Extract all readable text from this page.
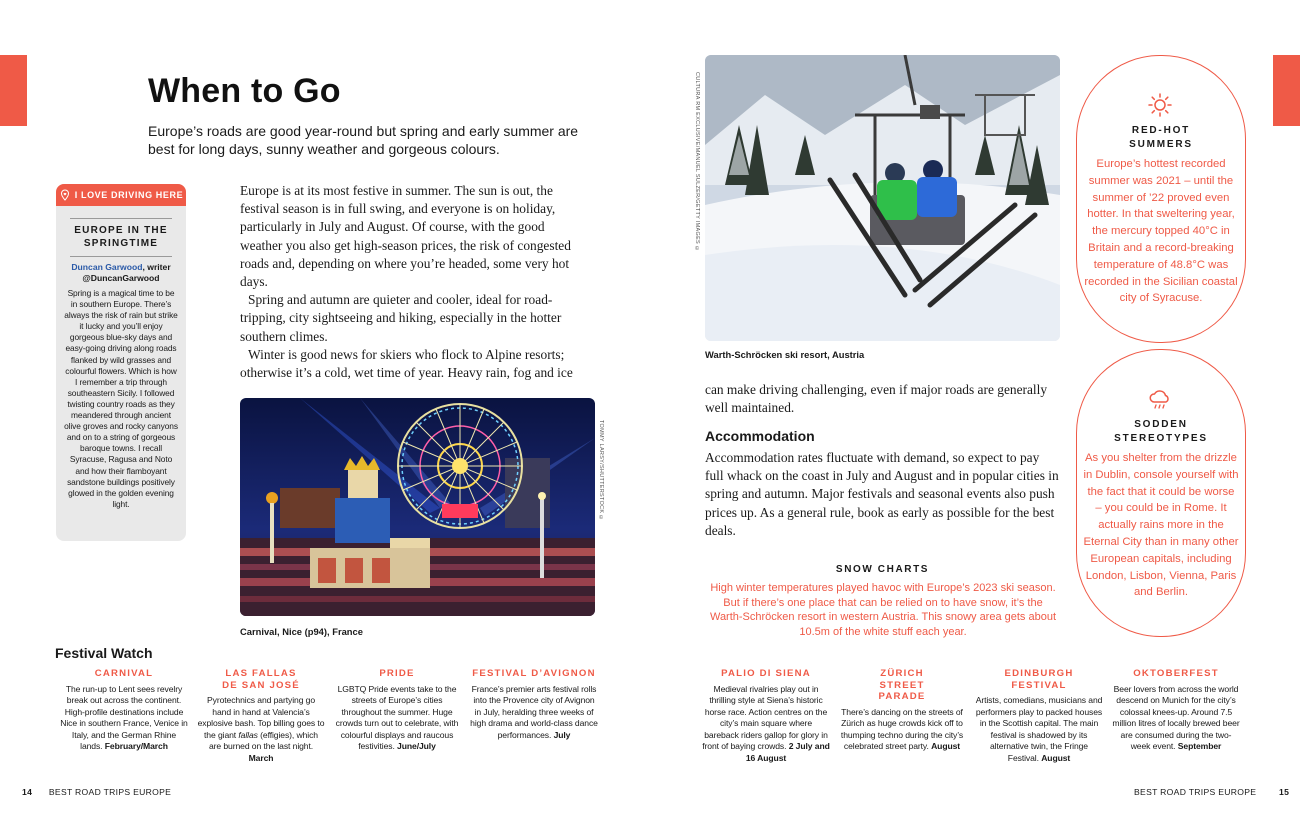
When to Go
Europe’s roads are good year-round but spring and early summer are best for long days, sunny weather and gorgeous colours.
I LOVE DRIVING HERE
EUROPE IN THE SPRINGTIME
Duncan Garwood, writer
@DuncanGarwood
Spring is a magical time to be in southern Europe. There’s always the risk of rain but strike it lucky and you’ll enjoy gorgeous blue-sky days and easy-going driving along roads flanked by wild grasses and colourful flowers. Which is how I remember a trip through southeastern Sicily. I followed twisting country roads as they meandered through ancient olive groves and rocky canyons and on to a string of gorgeous baroque towns. I recall Syracuse, Ragusa and Noto and how their flamboyant sandstone buildings positively glowed in the golden evening light.

Europe is at its most festive in summer. The sun is out, the festival season is in full swing, and everyone is on holiday, particularly in July and August. Of course, with the good weather you also get high-season prices, the risk of congested roads and, depending on where you’re headed, some very hot days.

Spring and autumn are quieter and cooler, ideal for road-tripping, city sightseeing and hiking, especially in the hotter southern climes.

Winter is good news for skiers who flock to Alpine resorts; otherwise it’s a cold, wet time of year. Heavy rain, fog and ice

TOMMY LARSY/SHUTTERSTOCK ©
Carnival, Nice (p94), France
CULTURA RM EXCLUSIVE/MANUEL SULZER/GETTY IMAGES ©
Warth-Schröcken ski resort, Austria
can make driving challenging, even if major roads are generally well maintained.
Accommodation
Accommodation rates fluctuate with demand, so expect to pay full whack on the coast in July and August and in popular cities in spring and autumn. Major festivals and seasonal events also push prices up. As a general rule, book as early as possible for the best deals.
SNOW CHARTS
High winter temperatures played havoc with Europe’s 2023 ski season. But if there’s one place that can be relied on to have snow, it’s the Warth-Schröcken resort in western Austria. This snowy area gets about 10.5m of the white stuff each year.
RED-HOT SUMMERS
Europe’s hottest recorded summer was 2021 – until the summer of ’22 proved even hotter. In that sweltering year, the mercury topped 40°C in Britain and a record-breaking temperature of 48.8°C was recorded in the Sicilian coastal city of Syracuse.
SODDEN STEREOTYPES
As you shelter from the drizzle in Dublin, console yourself with the fact that it could be worse – you could be in Rome. It actually rains more in the Eternal City than in many other European capitals, including London, Lisbon, Vienna, Paris and Berlin.
Festival Watch
CARNIVAL
The run-up to Lent sees revelry break out across the continent. High-profile destinations include Nice in southern France, Venice in Italy, and the German Rhine lands. February/March
LAS FALLAS DE SAN JOSÉ
Pyrotechnics and partying go hand in hand at Valencia’s explosive bash. Top billing goes to the giant fallas (effigies), which are burned on the last night. March
PRIDE
LGBTQ Pride events take to the streets of Europe’s cities throughout the summer. Huge crowds turn out to celebrate, with colourful displays and raucous festivities. June/July
FESTIVAL D’AVIGNON
France’s premier arts festival rolls into the Provence city of Avignon in July, heralding three weeks of high drama and world-class dance performances. July
PALIO DI SIENA
Medieval rivalries play out in thrilling style at Siena’s historic horse race. Action centres on the city’s main square where bareback riders gallop for glory in front of baying crowds. 2 July and 16 August
ZÜRICH STREET PARADE
There’s dancing on the streets of Zürich as huge crowds kick off to thumping techno during the city’s celebrated street party. August
EDINBURGH FESTIVAL
Artists, comedians, musicians and performers play to packed houses in the Scottish capital. The main festival is shadowed by its alternative twin, the Fringe Festival. August
OKTOBERFEST
Beer lovers from across the world descend on Munich for the city’s colossal knees-up. Around 7.5 million litres of locally brewed beer are consumed during the two-week event. September
14 BEST ROAD TRIPS EUROPE	BEST ROAD TRIPS EUROPE	15
